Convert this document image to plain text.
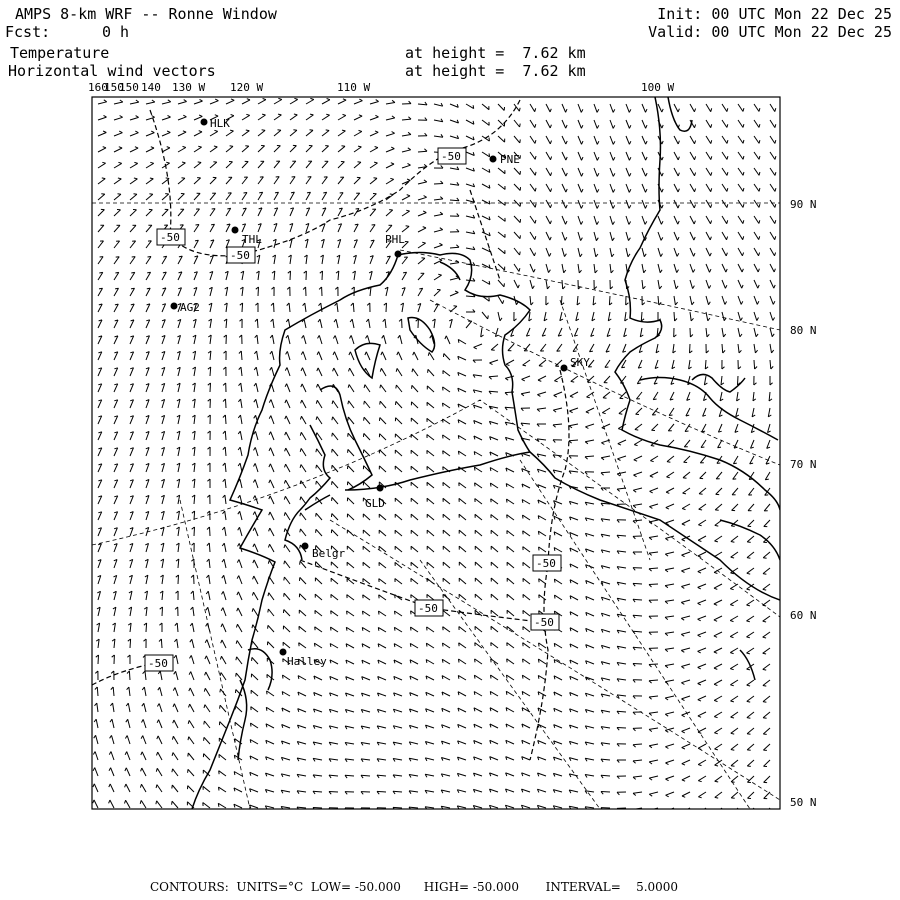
AMPS 8-km WRF -- Ronne Window
Fcst:	0 h
Temperature
Horizontal wind vectors
at height =  7.62 km
at height =  7.62 km
Init: 00 UTC Mon 22 Dec 25
Valid: 00 UTC Mon 22 Dec 25
160
150
150 140 130 W 120 W	110 W	100 W
90 N
80 N
70 N
60 N
50 N
-50
-50
-50
-50
-50
-50
-50
HLK
PNE
THL	PHL
AG2
SKY
GLD
Belgr
Halley
CONTOURS:  UNITS=°C  LOW= -50.000      HIGH= -50.000       INTERVAL=    5.0000
